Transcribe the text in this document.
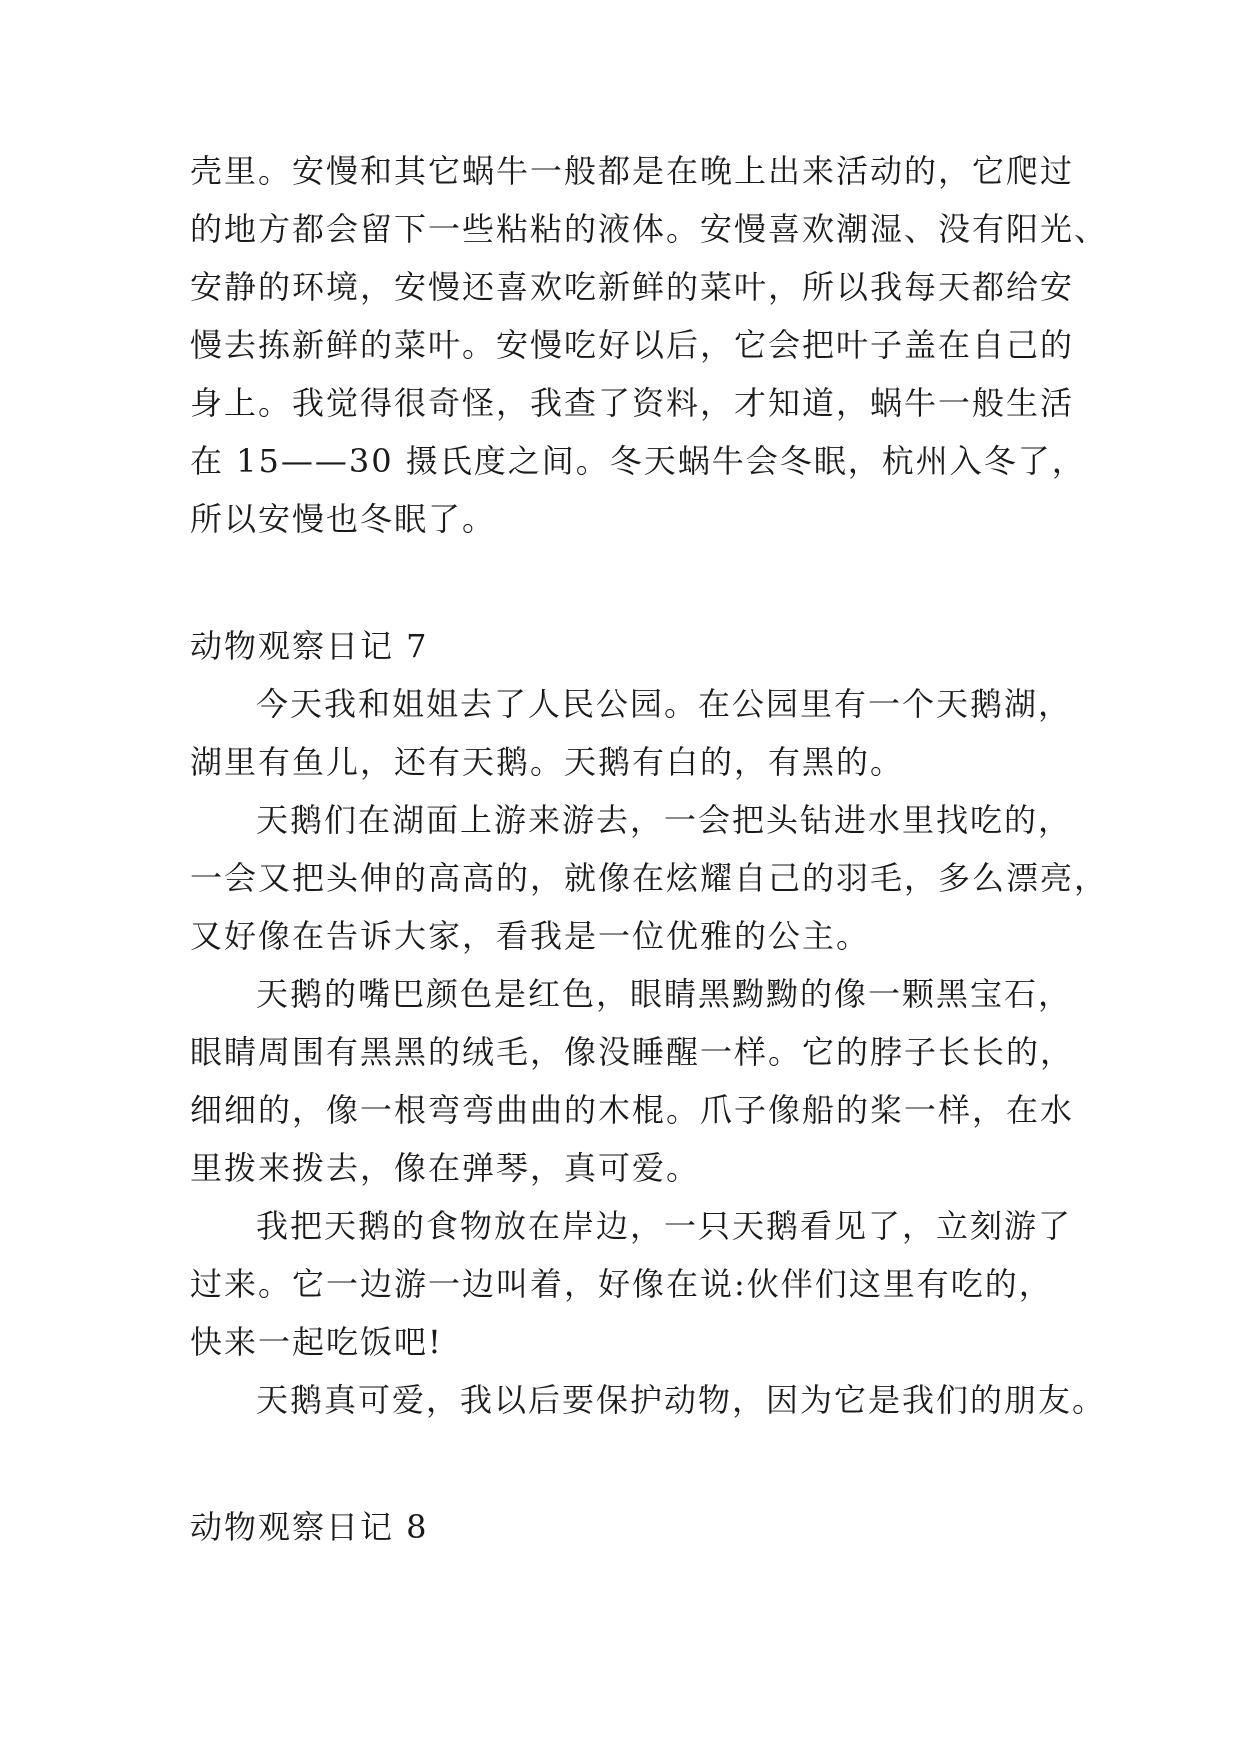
壳里。安慢和其它蜗牛一般都是在晚上出来活动的，它爬过
的地方都会留下一些粘粘的液体。安慢喜欢潮湿、没有阳光、
安静的环境，安慢还喜欢吃新鲜的菜叶，所以我每天都给安
慢去拣新鲜的菜叶。安慢吃好以后，它会把叶子盖在自己的
身上。我觉得很奇怪，我查了资料，才知道，蜗牛一般生活
在 15——30 摄氏度之间。冬天蜗牛会冬眠，杭州入冬了，
所以安慢也冬眠了。
动物观察日记 7
今天我和姐姐去了人民公园。在公园里有一个天鹅湖，
湖里有鱼儿，还有天鹅。天鹅有白的，有黑的。
天鹅们在湖面上游来游去，一会把头钻进水里找吃的，
一会又把头伸的高高的，就像在炫耀自己的羽毛，多么漂亮，
又好像在告诉大家，看我是一位优雅的公主。
天鹅的嘴巴颜色是红色，眼睛黑黝黝的像一颗黑宝石，
眼睛周围有黑黑的绒毛，像没睡醒一样。它的脖子长长的，
细细的，像一根弯弯曲曲的木棍。爪子像船的桨一样，在水
里拨来拨去，像在弹琴，真可爱。
我把天鹅的食物放在岸边，一只天鹅看见了，立刻游了
过来。它一边游一边叫着，好像在说:伙伴们这里有吃的，
快来一起吃饭吧!
天鹅真可爱，我以后要保护动物，因为它是我们的朋友。
动物观察日记 8
